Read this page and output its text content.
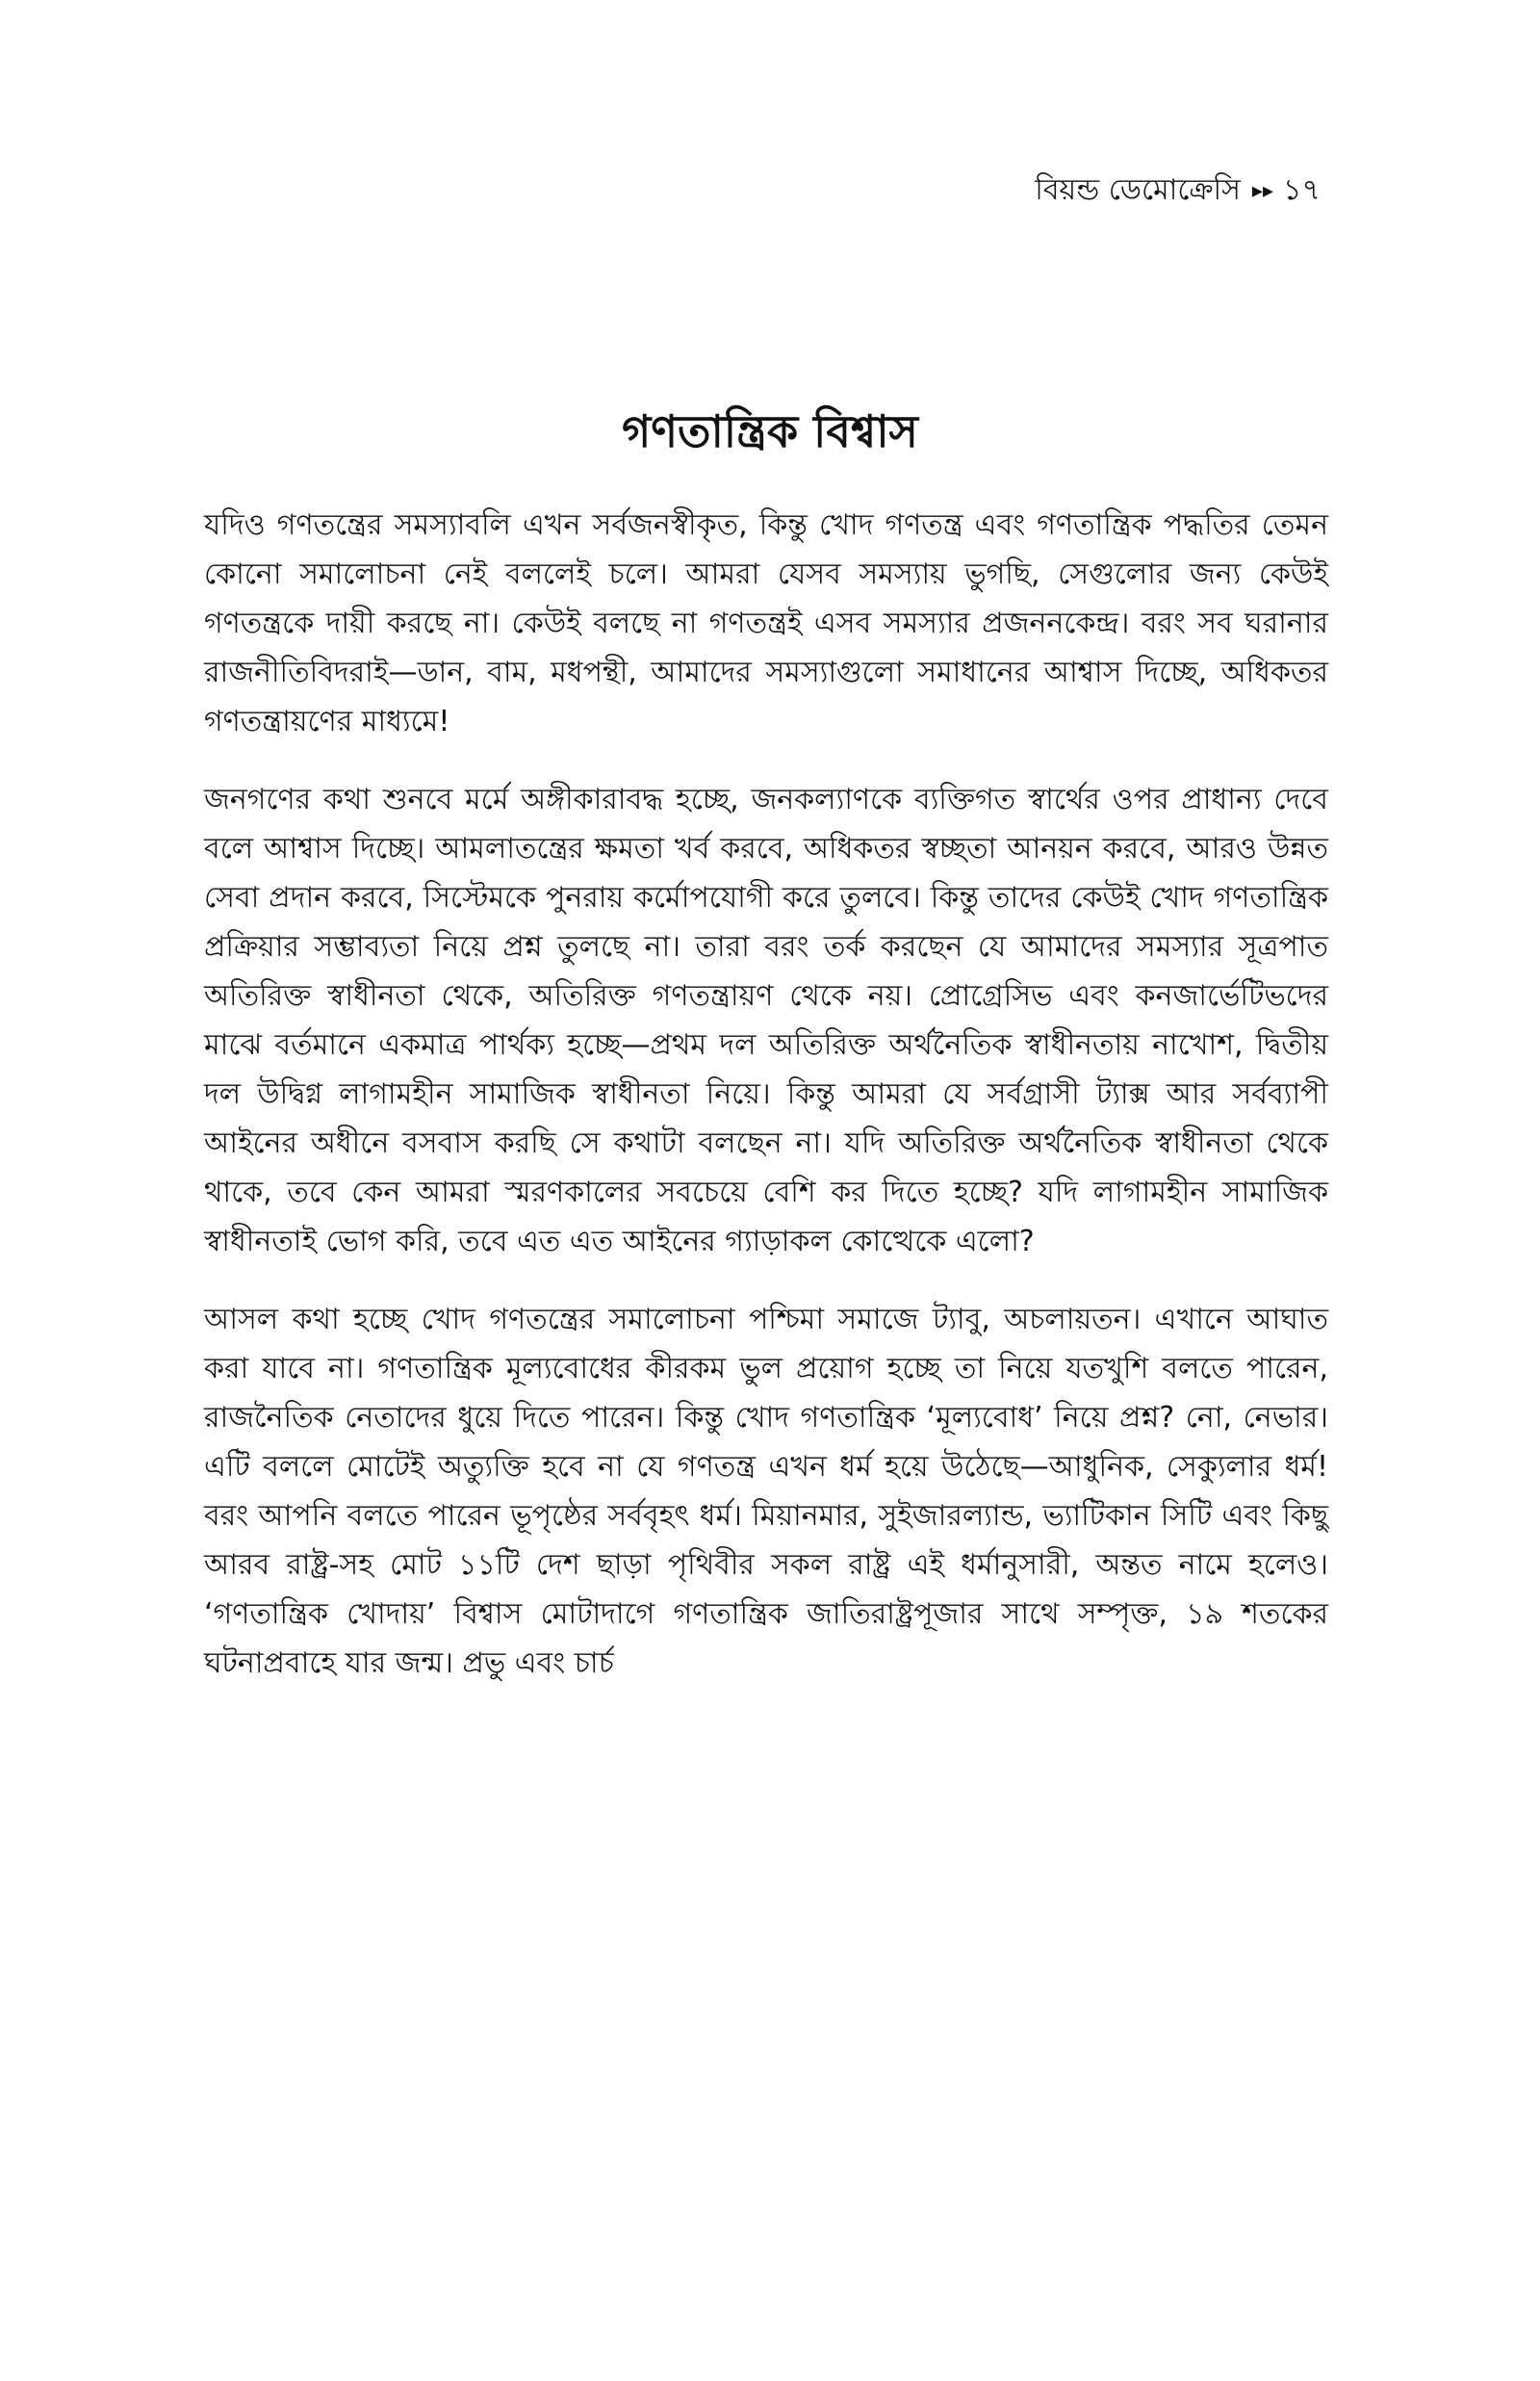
বিয়ন্ড ডেমোক্রেসি ▸▸ ১৭
গণতান্ত্রিক বিশ্বাস

যদিও গণতন্ত্রের সমস্যাবলি এখন সর্বজনস্বীকৃত, কিন্তু খোদ গণতন্ত্র এবং গণতান্ত্রিক পদ্ধতির তেমন কোনো সমালোচনা নেই বললেই চলে। আমরা যেসব সমস্যায় ভুগছি, সেগুলোর জন্য কেউই গণতন্ত্রকে দায়ী করছে না। কেউই বলছে না গণতন্ত্রই এসব সমস্যার প্রজননকেন্দ্র। বরং সব ঘরানার রাজনীতিবিদরাই—ডান, বাম, মধপন্থী, আমাদের সমস্যাগুলো সমাধানের আশ্বাস দিচ্ছে, অধিকতর গণতন্ত্রায়ণের মাধ্যমে!

জনগণের কথা শুনবে মর্মে অঙ্গীকারাবদ্ধ হচ্ছে, জনকল্যাণকে ব্যক্তিগত স্বার্থের ওপর প্রাধান্য দেবে বলে আশ্বাস দিচ্ছে। আমলাতন্ত্রের ক্ষমতা খর্ব করবে, অধিকতর স্বচ্ছতা আনয়ন করবে, আরও উন্নত সেবা প্রদান করবে, সিস্টেমকে পুনরায় কর্মোপযোগী করে তুলবে। কিন্তু তাদের কেউই খোদ গণতান্ত্রিক প্রক্রিয়ার সম্ভাব্যতা নিয়ে প্রশ্ন তুলছে না। তারা বরং তর্ক করছেন যে আমাদের সমস্যার সূত্রপাত অতিরিক্ত স্বাধীনতা থেকে, অতিরিক্ত গণতন্ত্রায়ণ থেকে নয়। প্রোগ্রেসিভ এবং কনজার্ভেটিভদের মাঝে বর্তমানে একমাত্র পার্থক্য হচ্ছে—প্রথম দল অতিরিক্ত অর্থনৈতিক স্বাধীনতায় নাখোশ, দ্বিতীয় দল উদ্বিগ্ন লাগামহীন সামাজিক স্বাধীনতা নিয়ে। কিন্তু আমরা যে সর্বগ্রাসী ট্যাক্স আর সর্বব্যাপী আইনের অধীনে বসবাস করছি সে কথাটা বলছেন না। যদি অতিরিক্ত অর্থনৈতিক স্বাধীনতা থেকে থাকে, তবে কেন আমরা স্মরণকালের সবচেয়ে বেশি কর দিতে হচ্ছে? যদি লাগামহীন সামাজিক স্বাধীনতাই ভোগ করি, তবে এত এত আইনের গ্যাড়াকল কোত্থেকে এলো?

আসল কথা হচ্ছে খোদ গণতন্ত্রের সমালোচনা পশ্চিমা সমাজে ট্যাবু, অচলায়তন। এখানে আঘাত করা যাবে না। গণতান্ত্রিক মূল্যবোধের কীরকম ভুল প্রয়োগ হচ্ছে তা নিয়ে যতখুশি বলতে পারেন, রাজনৈতিক নেতাদের ধুয়ে দিতে পারেন। কিন্তু খোদ গণতান্ত্রিক ‘মূল্যবোধ’ নিয়ে প্রশ্ন? নো, নেভার। এটি বললে মোটেই অত্যুক্তি হবে না যে গণতন্ত্র এখন ধর্ম হয়ে উঠেছে—আধুনিক, সেক্যুলার ধর্ম! বরং আপনি বলতে পারেন ভূপৃষ্ঠের সর্ববৃহৎ ধর্ম। মিয়ানমার, সুইজারল্যান্ড, ভ্যাটিকান সিটি এবং কিছু আরব রাষ্ট্র-সহ মোট ১১টি দেশ ছাড়া পৃথিবীর সকল রাষ্ট্র এই ধর্মানুসারী, অন্তত নামে হলেও। ‘গণতান্ত্রিক খোদায়’ বিশ্বাস মোটাদাগে গণতান্ত্রিক জাতিরাষ্ট্রপূজার সাথে সম্পৃক্ত, ১৯ শতকের ঘটনাপ্রবাহে যার জন্ম। প্রভু এবং চার্চ
